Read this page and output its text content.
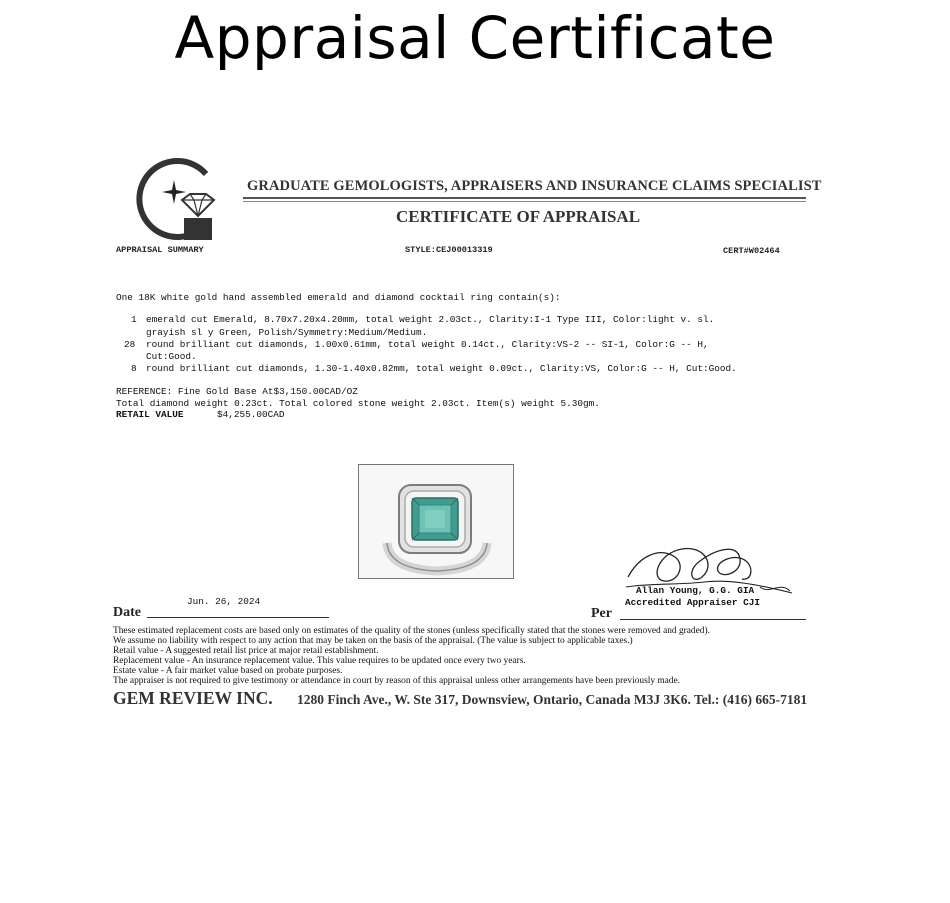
Appraisal Certificate
GRADUATE GEMOLOGISTS, APPRAISERS AND INSURANCE CLAIMS SPECIALIST
CERTIFICATE OF APPRAISAL
APPRAISAL SUMMARY	STYLE:CEJ00013319	CERT#W02464
One 18K white gold hand assembled emerald and diamond cocktail ring contain(s):
1 emerald cut Emerald, 8.70x7.20x4.20mm, total weight 2.03ct., Clarity:I-1 Type III, Color:light v. sl.
grayish sl y Green, Polish/Symmetry:Medium/Medium.
28 round brilliant cut diamonds, 1.00x0.61mm, total weight 0.14ct., Clarity:VS-2 -- SI-1, Color:G -- H,
Cut:Good.
8 round brilliant cut diamonds, 1.30-1.40x0.82mm, total weight 0.09ct., Clarity:VS, Color:G -- H, Cut:Good.
REFERENCE: Fine Gold Base At$3,150.00CAD/OZ
Total diamond weight 0.23ct. Total colored stone weight 2.03ct. Item(s) weight 5.30gm.
RETAIL VALUE	$4,255.00CAD
Jun. 26, 2024
Date
Allan Young, G.G. GIA
Accredited Appraiser CJI
Per
These estimated replacement costs are based only on estimates of the quality of the stones (unless specifically stated that the stones were removed and graded).
We assume no liability with respect to any action that may be taken on the basis of the appraisal. (The value is subject to applicable taxes.)
Retail value - A suggested retail list price at major retail establishment.
Replacement value - An insurance replacement value. This value requires to be updated once every two years.
Estate value - A fair market value based on probate purposes.
The appraiser is not required to give testimony or attendance in court by reason of this appraisal unless other arrangements have been previously made.
GEM REVIEW INC. 1280 Finch Ave., W. Ste 317, Downsview, Ontario, Canada M3J 3K6. Tel.: (416) 665-7181
